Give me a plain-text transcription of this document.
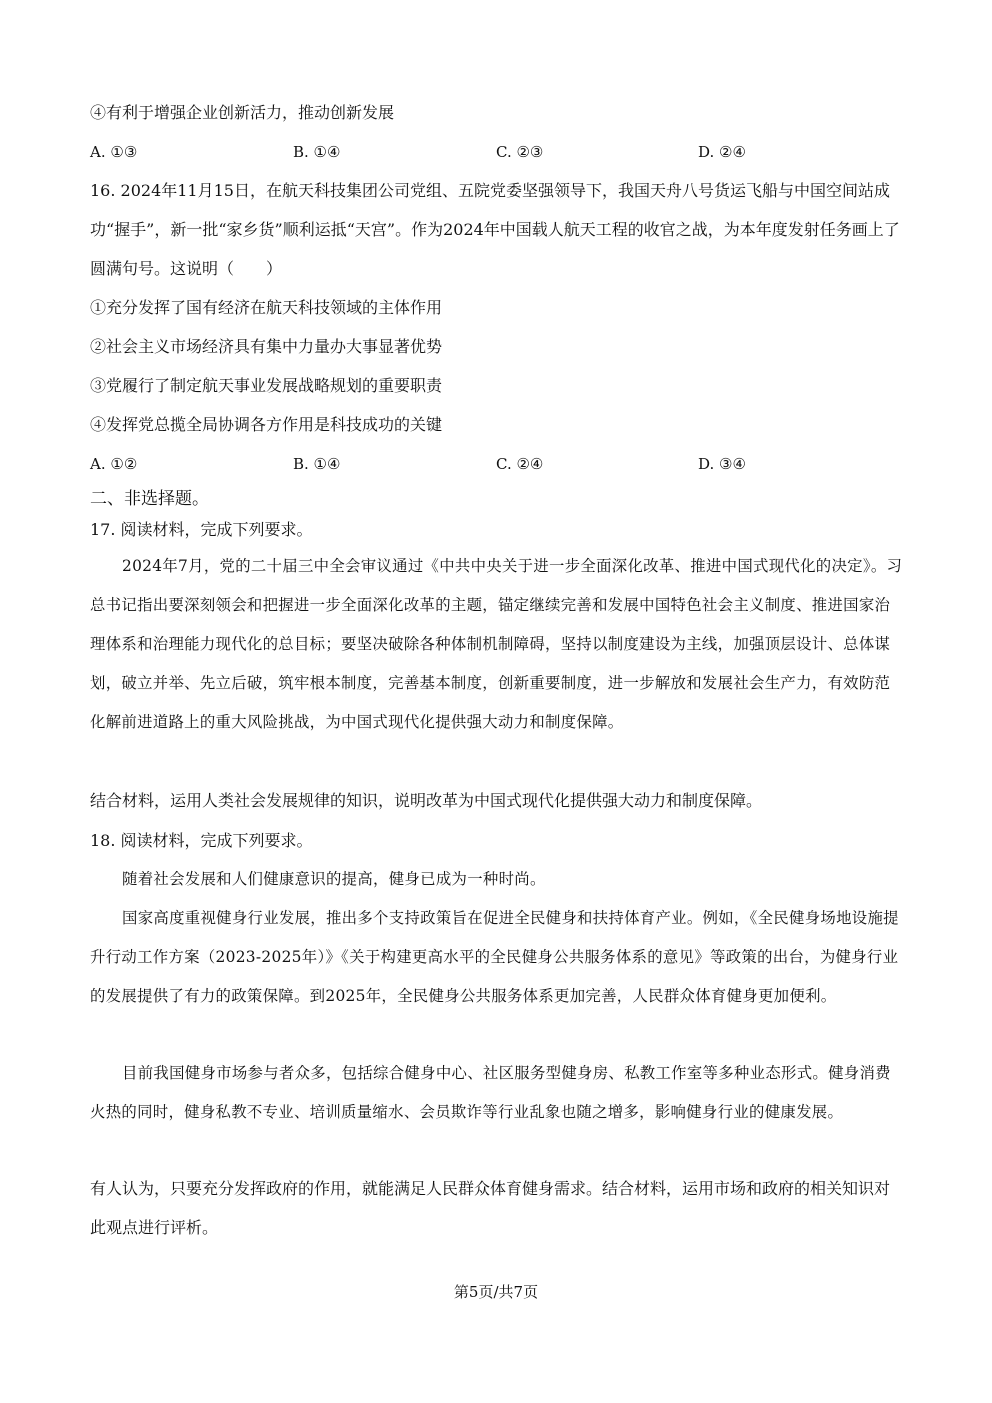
④有利于增强企业创新活力，推动创新发展
A. ①③	B. ①④	C. ②③	D. ②④
16. 2024年11月15日，在航天科技集团公司党组、五院党委坚强领导下，我国天舟八号货运飞船与中国空间站成功“握手”，新一批“家乡货”顺利运抵“天宫”。作为2024年中国载人航天工程的收官之战，为本年度发射任务画上了圆满句号。这说明（　　）
①充分发挥了国有经济在航天科技领域的主体作用
②社会主义市场经济具有集中力量办大事显著优势
③党履行了制定航天事业发展战略规划的重要职责
④发挥党总揽全局协调各方作用是科技成功的关键
A. ①②	B. ①④	C. ②④	D. ③④
二、非选择题。
17. 阅读材料，完成下列要求。
2024年7月，党的二十届三中全会审议通过《中共中央关于进一步全面深化改革、推进中国式现代化的决定》。习总书记指出要深刻领会和把握进一步全面深化改革的主题，锚定继续完善和发展中国特色社会主义制度、推进国家治理体系和治理能力现代化的总目标；要坚决破除各种体制机制障碍，坚持以制度建设为主线，加强顶层设计、总体谋划，破立并举、先立后破，筑牢根本制度，完善基本制度，创新重要制度，进一步解放和发展社会生产力，有效防范化解前进道路上的重大风险挑战，为中国式现代化提供强大动力和制度保障。
结合材料，运用人类社会发展规律的知识，说明改革为中国式现代化提供强大动力和制度保障。
18. 阅读材料，完成下列要求。
随着社会发展和人们健康意识的提高，健身已成为一种时尚。
国家高度重视健身行业发展，推出多个支持政策旨在促进全民健身和扶持体育产业。例如，《全民健身场地设施提升行动工作方案（2023-2025年）》《关于构建更高水平的全民健身公共服务体系的意见》等政策的出台，为健身行业的发展提供了有力的政策保障。到2025年，全民健身公共服务体系更加完善，人民群众体育健身更加便利。
目前我国健身市场参与者众多，包括综合健身中心、社区服务型健身房、私教工作室等多种业态形式。健身消费火热的同时，健身私教不专业、培训质量缩水、会员欺诈等行业乱象也随之增多，影响健身行业的健康发展。
有人认为，只要充分发挥政府的作用，就能满足人民群众体育健身需求。结合材料，运用市场和政府的相关知识对此观点进行评析。
第5页/共7页
